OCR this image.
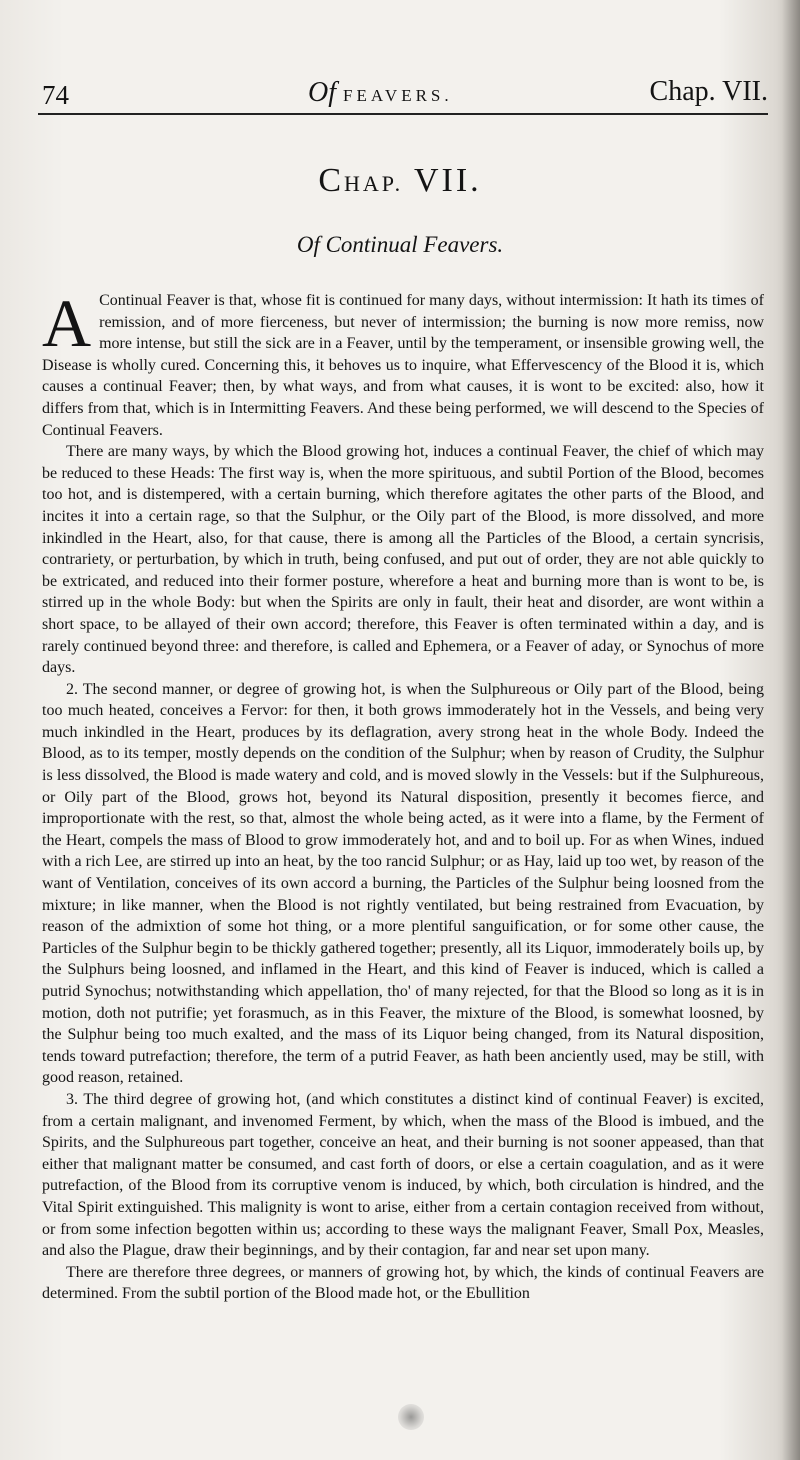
74	Of FEAVERS.	Chap. VII.
CHAP. VII.
Of Continual Feavers.

A Continual Feaver is that, whose fit is continued for many days, without intermission: It hath its times of remission, and of more fierceness, but never of intermission; the burning is now more remiss, now more intense, but still the sick are in a Feaver, until by the temperament, or insensible growing well, the Disease is wholly cured. Concerning this, it behoves us to inquire, what Effervescency of the Blood it is, which causes a continual Feaver; then, by what ways, and from what causes, it is wont to be excited: also, how it differs from that, which is in Intermitting Feavers. And these being performed, we will descend to the Species of Continual Feavers.

There are many ways, by which the Blood growing hot, induces a continual Feaver, the chief of which may be reduced to these Heads: The first way is, when the more spirituous, and subtil Portion of the Blood, becomes too hot, and is distempered, with a certain burning, which therefore agitates the other parts of the Blood, and incites it into a certain rage, so that the Sulphur, or the Oily part of the Blood, is more dissolved, and more inkindled in the Heart, also, for that cause, there is among all the Particles of the Blood, a certain syncrisis, contrariety, or perturbation, by which in truth, being confused, and put out of order, they are not able quickly to be extricated, and reduced into their former posture, wherefore a heat and burning more than is wont to be, is stirred up in the whole Body: but when the Spirits are only in fault, their heat and disorder, are wont within a short space, to be allayed of their own accord; therefore, this Feaver is often terminated within a day, and is rarely continued beyond three: and therefore, is called and Ephemera, or a Feaver of aday, or Synochus of more days.

2. The second manner, or degree of growing hot, is when the Sulphureous or Oily part of the Blood, being too much heated, conceives a Fervor: for then, it both grows immoderately hot in the Vessels, and being very much inkindled in the Heart, produces by its deflagration, avery strong heat in the whole Body. Indeed the Blood, as to its temper, mostly depends on the condition of the Sulphur; when by reason of Crudity, the Sulphur is less dissolved, the Blood is made watery and cold, and is moved slowly in the Vessels: but if the Sulphureous, or Oily part of the Blood, grows hot, beyond its Natural disposition, presently it becomes fierce, and improportionate with the rest, so that, almost the whole being acted, as it were into a flame, by the Ferment of the Heart, compels the mass of Blood to grow immoderately hot, and and to boil up. For as when Wines, indued with a rich Lee, are stirred up into an heat, by the too rancid Sulphur; or as Hay, laid up too wet, by reason of the want of Ventilation, conceives of its own accord a burning, the Particles of the Sulphur being loosned from the mixture; in like manner, when the Blood is not rightly ventilated, but being restrained from Evacuation, by reason of the admixtion of some hot thing, or a more plentiful sanguification, or for some other cause, the Particles of the Sulphur begin to be thickly gathered together; presently, all its Liquor, immoderately boils up, by the Sulphurs being loosned, and inflamed in the Heart, and this kind of Feaver is induced, which is called a putrid Synochus; notwithstanding which appellation, tho' of many rejected, for that the Blood so long as it is in motion, doth not putrifie; yet forasmuch, as in this Feaver, the mixture of the Blood, is somewhat loosned, by the Sulphur being too much exalted, and the mass of its Liquor being changed, from its Natural disposition, tends toward putrefaction; therefore, the term of a putrid Feaver, as hath been anciently used, may be still, with good reason, retained.

3. The third degree of growing hot, (and which constitutes a distinct kind of continual Feaver) is excited, from a certain malignant, and invenomed Ferment, by which, when the mass of the Blood is imbued, and the Spirits, and the Sulphureous part together, conceive an heat, and their burning is not sooner appeased, than that either that malignant matter be consumed, and cast forth of doors, or else a certain coagulation, and as it were putrefaction, of the Blood from its corruptive venom is induced, by which, both circulation is hindred, and the Vital Spirit extinguished. This malignity is wont to arise, either from a certain contagion received from without, or from some infection begotten within us; according to these ways the malignant Feaver, Small Pox, Measles, and also the Plague, draw their beginnings, and by their contagion, far and near set upon many.

There are therefore three degrees, or manners of growing hot, by which, the kinds of continual Feavers are determined. From the subtil portion of the Blood made hot, or the Ebullition
